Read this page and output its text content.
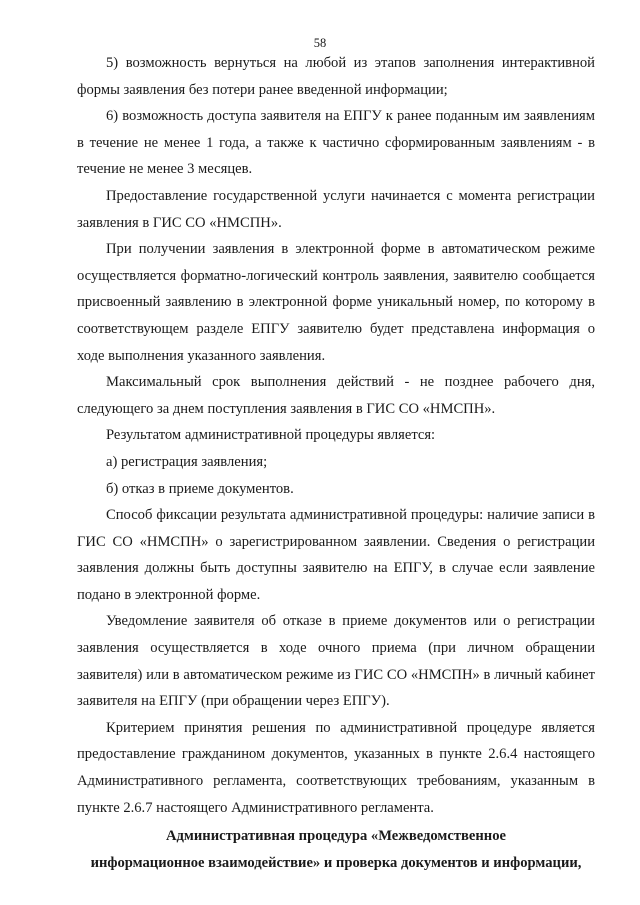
58

5) возможность вернуться на любой из этапов заполнения интерактивной формы заявления без потери ранее введенной информации;

6) возможность доступа заявителя на ЕПГУ к ранее поданным им заявлениям в течение не менее 1 года, а также к частично сформированным заявлениям - в течение не менее 3 месяцев.

Предоставление государственной услуги начинается с момента регистрации заявления в ГИС СО «НМСПН».

При получении заявления в электронной форме в автоматическом режиме осуществляется форматно-логический контроль заявления, заявителю сообщается присвоенный заявлению в электронной форме уникальный номер, по которому в соответствующем разделе ЕПГУ заявителю будет представлена информация о ходе выполнения указанного заявления.

Максимальный срок выполнения действий - не позднее рабочего дня, следующего за днем поступления заявления в ГИС СО «НМСПН».

Результатом административной процедуры является:

а) регистрация заявления;

б) отказ в приеме документов.

Способ фиксации результата административной процедуры: наличие записи в ГИС СО «НМСПН» о зарегистрированном заявлении. Сведения о регистрации заявления должны быть доступны заявителю на ЕПГУ, в случае если заявление подано в электронной форме.

Уведомление заявителя об отказе в приеме документов или о регистрации заявления осуществляется в ходе очного приема (при личном обращении заявителя) или в автоматическом режиме из ГИС СО «НМСПН» в личный кабинет заявителя на ЕПГУ (при обращении через ЕПГУ).

Критерием принятия решения по административной процедуре является предоставление гражданином документов, указанных в пункте 2.6.4 настоящего Административного регламента, соответствующих требованиям, указанным в пункте 2.6.7 настоящего Административного регламента.

Административная процедура «Межведомственное
информационное взаимодействие» и проверка документов и информации,
